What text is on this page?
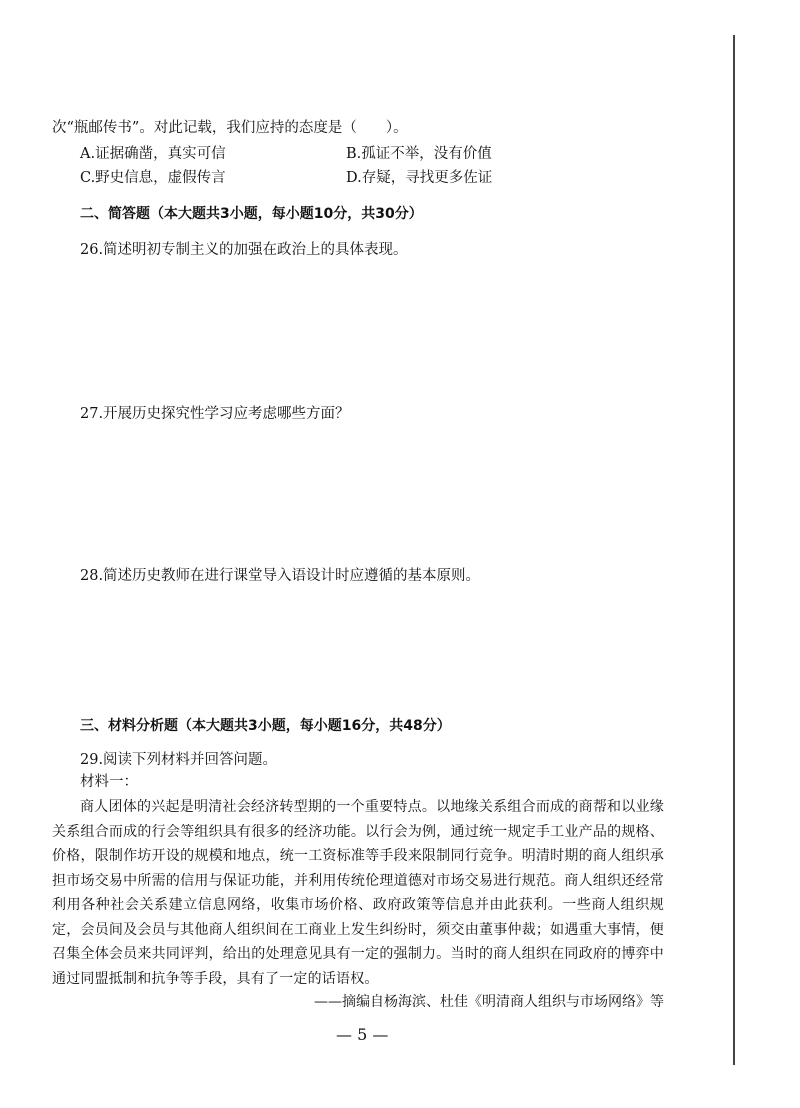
次“瓶邮传书”。对此记载，我们应持的态度是（　　）。
A.证据确凿，真实可信	B.孤证不举，没有价值
C.野史信息，虚假传言	D.存疑，寻找更多佐证
二、简答题（本大题共3小题，每小题10分，共30分）
26.简述明初专制主义的加强在政治上的具体表现。
27.开展历史探究性学习应考虑哪些方面？
28.简述历史教师在进行课堂导入语设计时应遵循的基本原则。
三、材料分析题（本大题共3小题，每小题16分，共48分）
29.阅读下列材料并回答问题。
材料一：
商人团体的兴起是明清社会经济转型期的一个重要特点。以地缘关系组合而成的商帮和以业缘关系组合而成的行会等组织具有很多的经济功能。以行会为例，通过统一规定手工业产品的规格、价格，限制作坊开设的规模和地点，统一工资标准等手段来限制同行竞争。明清时期的商人组织承担市场交易中所需的信用与保证功能，并利用传统伦理道德对市场交易进行规范。商人组织还经常利用各种社会关系建立信息网络，收集市场价格、政府政策等信息并由此获利。一些商人组织规定，会员间及会员与其他商人组织间在工商业上发生纠纷时，须交由董事仲裁；如遇重大事情，便召集全体会员来共同评判，给出的处理意见具有一定的强制力。当时的商人组织在同政府的博弈中通过同盟抵制和抗争等手段，具有了一定的话语权。
——摘编自杨海滨、杜佳《明清商人组织与市场网络》等
— 5 —
